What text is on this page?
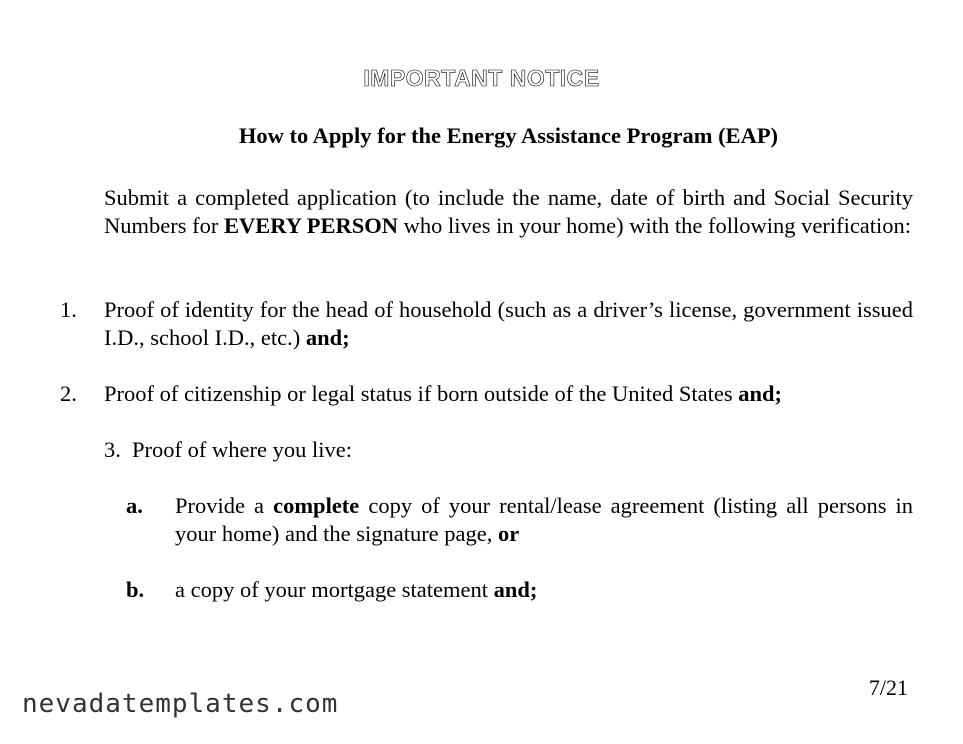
IMPORTANT NOTICE
How to Apply for the Energy Assistance Program (EAP)
Submit a completed application (to include the name, date of birth and Social Security Numbers for EVERY PERSON who lives in your home) with the following verification:
1.	Proof of identity for the head of household (such as a driver’s license, government issued I.D., school I.D., etc.) and;
2.	Proof of citizenship or legal status if born outside of the United States and;
3. Proof of where you live:
a. Provide a complete copy of your rental/lease agreement (listing all persons in your home) and the signature page, or
b. a copy of your mortgage statement and;
7/21
nevadatemplates.com
